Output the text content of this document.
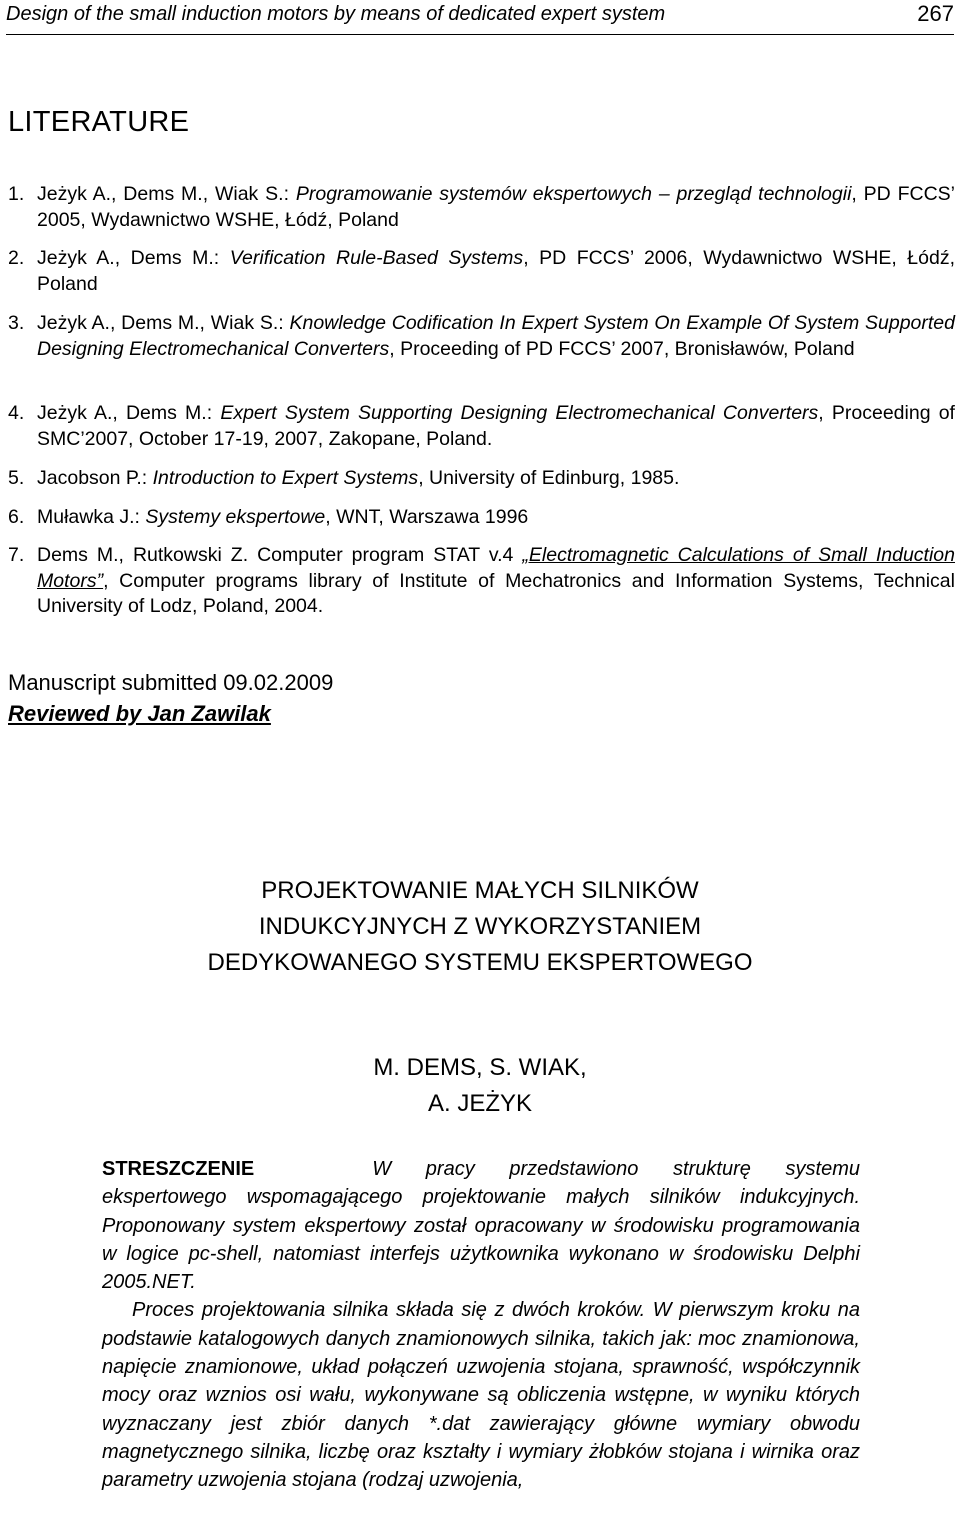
Design of the small induction motors by means of dedicated expert system	267
LITERATURE
1. Jeżyk A., Dems M., Wiak S.: Programowanie systemów ekspertowych – przegląd technologii, PD FCCS’ 2005, Wydawnictwo WSHE, Łódź, Poland
2. Jeżyk A., Dems M.: Verification Rule-Based Systems, PD FCCS’ 2006, Wydawnictwo WSHE, Łódź, Poland
3. Jeżyk A., Dems M., Wiak S.: Knowledge Codification In Expert System On Example Of System Supported Designing Electromechanical Converters, Proceeding of PD FCCS’ 2007, Bronisławów, Poland
4. Jeżyk A., Dems M.: Expert System Supporting Designing Electromechanical Converters, Proceeding of SMC’2007, October 17-19, 2007, Zakopane, Poland.
5. Jacobson P.: Introduction to Expert Systems, University of Edinburg, 1985.
6. Muławka J.: Systemy ekspertowe, WNT, Warszawa 1996
7. Dems M., Rutkowski Z. Computer program STAT v.4 „Electromagnetic Calculations of Small Induction Motors”, Computer programs library of Institute of Mechatronics and Information Systems, Technical University of Lodz, Poland, 2004.
Manuscript submitted 09.02.2009
Reviewed by Jan Zawilak
PROJEKTOWANIE MAŁYCH SILNIKÓW
INDUKCYJNYCH Z WYKORZYSTANIEM
DEDYKOWANEGO SYSTEMU EKSPERTOWEGO
M. DEMS, S. WIAK,
A. JEŻYK

STRESZCZENIE	W pracy przedstawiono strukturę systemu ekspertowego wspomagającego projektowanie małych silników indukcyjnych. Proponowany system ekspertowy został opracowany w środowisku programowania w logice pc-shell, natomiast interfejs użytkownika wykonano w środowisku Delphi 2005.NET.

Proces projektowania silnika składa się z dwóch kroków. W pierwszym kroku na podstawie katalogowych danych znamionowych silnika, takich jak: moc znamionowa, napięcie znamionowe, układ połączeń uzwojenia stojana, sprawność, współczynnik mocy oraz wznios osi wału, wykonywane są obliczenia wstępne, w wyniku których wyznaczany jest zbiór danych *.dat zawierający główne wymiary obwodu magnetycznego silnika, liczbę oraz kształty i wymiary żłobków stojana i wirnika oraz parametry uzwojenia stojana (rodzaj uzwojenia,
